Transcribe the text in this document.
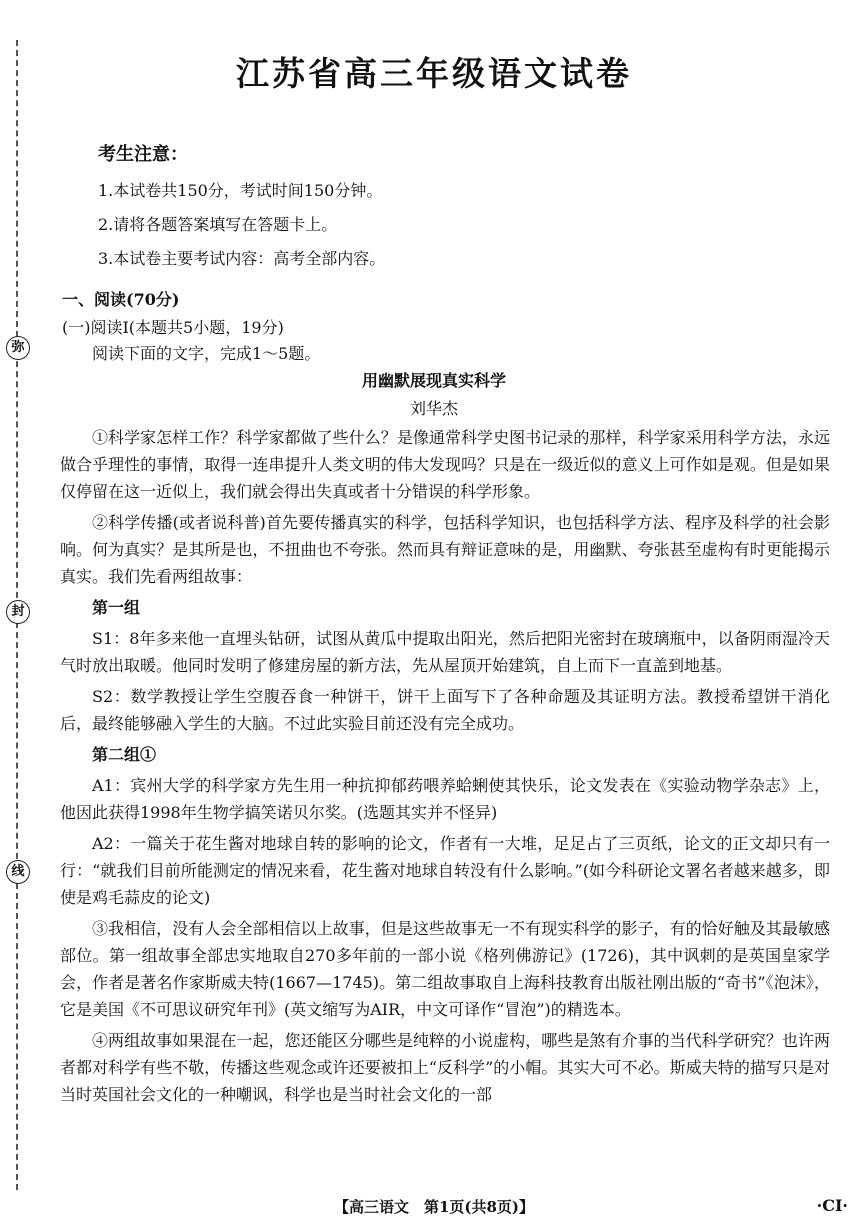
弥
封
线
江苏省高三年级语文试卷
考生注意：
1.本试卷共150分，考试时间150分钟。
2.请将各题答案填写在答题卡上。
3.本试卷主要考试内容：高考全部内容。
一、阅读(70分)
(一)阅读Ⅰ(本题共5小题，19分)
阅读下面的文字，完成1～5题。
用幽默展现真实科学
刘华杰

①科学家怎样工作？科学家都做了些什么？是像通常科学史图书记录的那样，科学家采用科学方法，永远做合乎理性的事情，取得一连串提升人类文明的伟大发现吗？只是在一级近似的意义上可作如是观。但是如果仅停留在这一近似上，我们就会得出失真或者十分错误的科学形象。

②科学传播(或者说科普)首先要传播真实的科学，包括科学知识，也包括科学方法、程序及科学的社会影响。何为真实？是其所是也，不扭曲也不夸张。然而具有辩证意味的是，用幽默、夸张甚至虚构有时更能揭示真实。我们先看两组故事：

第一组

S1：8年多来他一直埋头钻研，试图从黄瓜中提取出阳光，然后把阳光密封在玻璃瓶中，以备阴雨湿冷天气时放出取暖。他同时发明了修建房屋的新方法，先从屋顶开始建筑，自上而下一直盖到地基。

S2：数学教授让学生空腹吞食一种饼干，饼干上面写下了各种命题及其证明方法。教授希望饼干消化后，最终能够融入学生的大脑。不过此实验目前还没有完全成功。

第二组①

A1：宾州大学的科学家方先生用一种抗抑郁药喂养蛤蜊使其快乐，论文发表在《实验动物学杂志》上，他因此获得1998年生物学搞笑诺贝尔奖。(选题其实并不怪异)

A2：一篇关于花生酱对地球自转的影响的论文，作者有一大堆，足足占了三页纸，论文的正文却只有一行：“就我们目前所能测定的情况来看，花生酱对地球自转没有什么影响。”(如今科研论文署名者越来越多，即使是鸡毛蒜皮的论文)

③我相信，没有人会全部相信以上故事，但是这些故事无一不有现实科学的影子，有的恰好触及其最敏感部位。第一组故事全部忠实地取自270多年前的一部小说《格列佛游记》(1726)，其中讽刺的是英国皇家学会，作者是著名作家斯威夫特(1667—1745)。第二组故事取自上海科技教育出版社刚出版的“奇书”《泡沫》，它是美国《不可思议研究年刊》(英文缩写为AIR，中文可译作“冒泡”)的精选本。

④两组故事如果混在一起，您还能区分哪些是纯粹的小说虚构，哪些是煞有介事的当代科学研究？也许两者都对科学有些不敬，传播这些观念或许还要被扣上“反科学”的小帽。其实大可不必。斯威夫特的描写只是对当时英国社会文化的一种嘲讽，科学也是当时社会文化的一部

【高三语文　第1页(共8页)】	·CI·
